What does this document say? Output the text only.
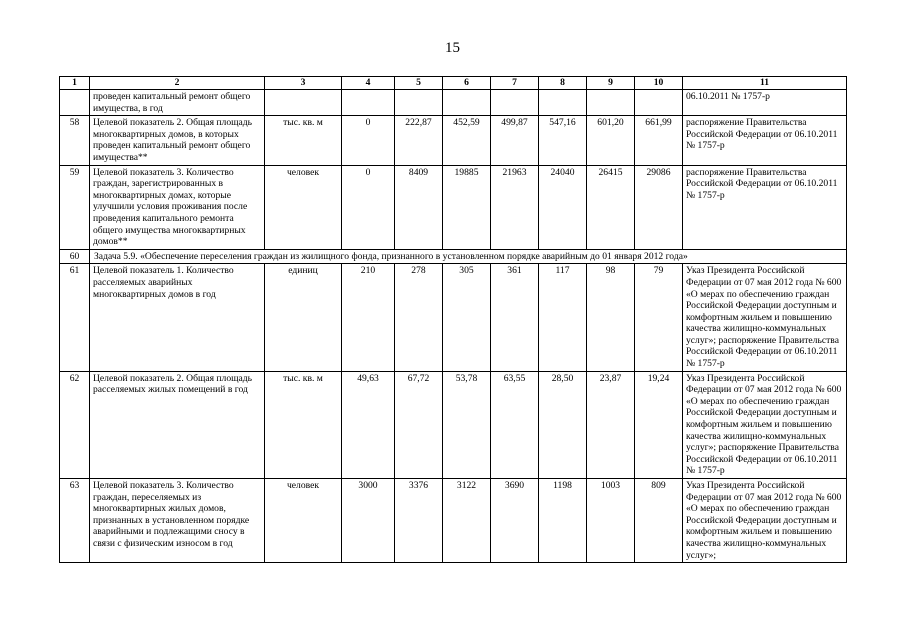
15
1	2	3	4	5	6	7	8	9	10	11
	проведен капитальный ремонт общего имущества, в год									06.10.2011 № 1757-р
58	Целевой показатель 2. Общая площадь многоквартирных домов, в которых проведен капитальный ремонт общего имущества**	тыс. кв. м	0	222,87	452,59	499,87	547,16	601,20	661,99	распоряжение Правительства Российской Федерации от 06.10.2011 № 1757-р
59	Целевой показатель 3. Количество граждан, зарегистрированных в многоквартирных домах, которые улучшили условия проживания после проведения капитального ремонта общего имущества многоквартирных домов**	человек	0	8409	19885	21963	24040	26415	29086	распоряжение Правительства Российской Федерации от 06.10.2011 № 1757-р
60	Задача 5.9. «Обеспечение переселения граждан из жилищного фонда, признанного в установленном порядке аварийным до 01 января 2012 года»									
61	Целевой показатель 1. Количество расселяемых аварийных многоквартирных домов в год	единиц	210	278	305	361	117	98	79	Указ Президента Российской Федерации от 07 мая 2012 года № 600 «О мерах по обеспечению граждан Российской Федерации доступным и комфортным жильем и повышению качества жилищно-коммунальных услуг»; распоряжение Правительства Российской Федерации от 06.10.2011 № 1757-р
62	Целевой показатель 2. Общая площадь расселяемых жилых помещений в год	тыс. кв. м	49,63	67,72	53,78	63,55	28,50	23,87	19,24	Указ Президента Российской Федерации от 07 мая 2012 года № 600 «О мерах по обеспечению граждан Российской Федерации доступным и комфортным жильем и повышению качества жилищно-коммунальных услуг»; распоряжение Правительства Российской Федерации от 06.10.2011 № 1757-р
63	Целевой показатель 3. Количество граждан, переселяемых из многоквартирных жилых домов, признанных в установленном порядке аварийными и подлежащими сносу в связи с физическим износом в год	человек	3000	3376	3122	3690	1198	1003	809	Указ Президента Российской Федерации от 07 мая 2012 года № 600 «О мерах по обеспечению граждан Российской Федерации доступным и комфортным жильем и повышению качества жилищно-коммунальных услуг»;
